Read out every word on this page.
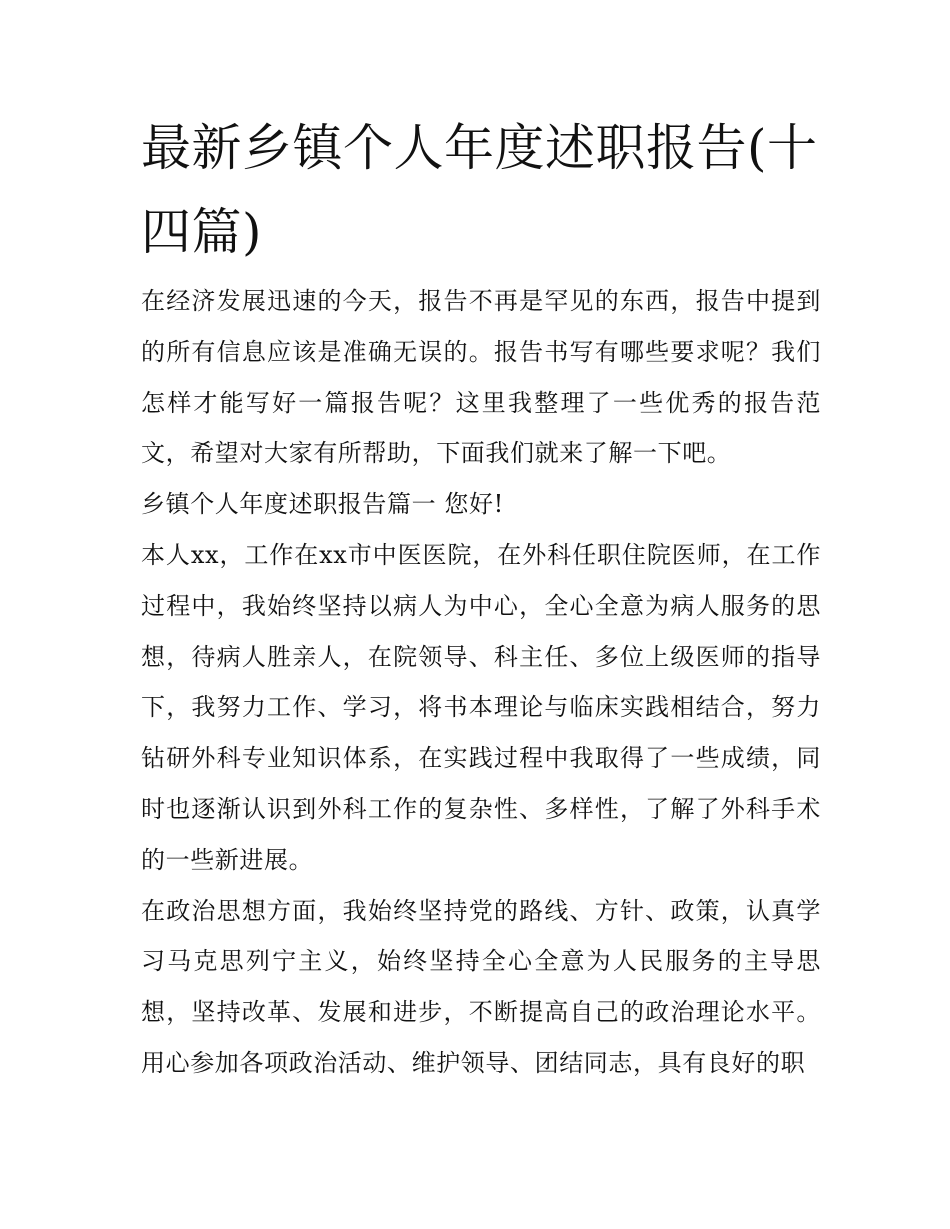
最新乡镇个人年度述职报告(十四篇)

在经济发展迅速的今天，报告不再是罕见的东西，报告中提到的所有信息应该是准确无误的。报告书写有哪些要求呢？我们怎样才能写好一篇报告呢？这里我整理了一些优秀的报告范文，希望对大家有所帮助，下面我们就来了解一下吧。

乡镇个人年度述职报告篇一 您好!

本人xx，工作在xx市中医医院，在外科任职住院医师，在工作过程中，我始终坚持以病人为中心，全心全意为病人服务的思想，待病人胜亲人，在院领导、科主任、多位上级医师的指导下，我努力工作、学习，将书本理论与临床实践相结合，努力钻研外科专业知识体系，在实践过程中我取得了一些成绩，同时也逐渐认识到外科工作的复杂性、多样性，了解了外科手术的一些新进展。

在政治思想方面，我始终坚持党的路线、方针、政策，认真学习马克思列宁主义，始终坚持全心全意为人民服务的主导思想，坚持改革、发展和进步，不断提高自己的政治理论水平。用心参加各项政治活动、维护领导、团结同志，具有良好的职
